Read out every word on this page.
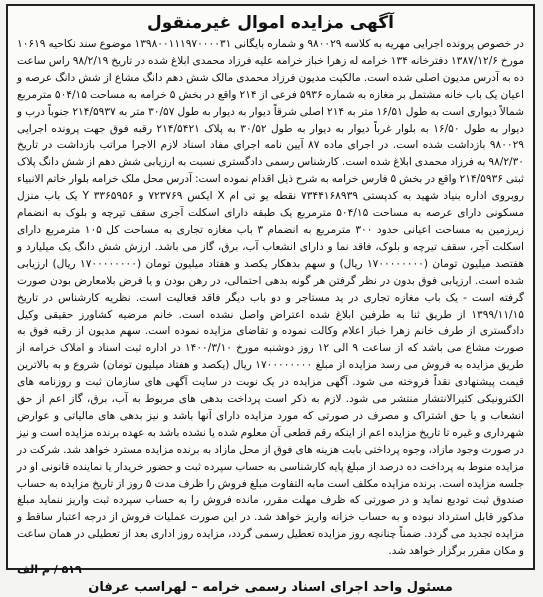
آگهی مزایده اموال غیرمنقول

در خصوص پرونده اجرایی مهریه به کلاسه ۹۸۰۰۲۹ و شماره بایگانی ۱۳۹۸۰۰۱۱۱۹۷۰۰۰۰۳۱ موضوع سند نکاحیه ۱۰۶۱۹ مورخ ۱۳۸۷/۱۲/۶ دفترخانه ۱۳۴ خرامه له زهرا خباز خرامه علیه فرزاد محمدی ابلاغ شده در تاریخ ۹۸/۲/۱۹ راس ساعت ده به آدرس مدیون اصلی شده است. مالکیت مدیون فرزاد محمدی مالک شش دهم دانگ مشاع از شش دانگ عرصه و اعیان یک باب خانه مشتمل بر مغازه به شماره ۵۹۳۶ فرعی از ۲۱۴ واقع در بخش ۵ خرامه به مساحت ۵۰۴/۱۵ مترمربع شمالاً دیواری است به طول ۱۶/۵۱ متر به ۲۱۴ اصلی شرقاً دیوار به دیوار به طول ۳۰/۵۷ متر به ۲۱۴/۵۹۳۷ جنوباً درب و دیوار به طول ۱۶/۵۰ به بلوار غرباً دیوار به دیوار به طول ۳۰/۵۲ به پلاک ۲۱۴/۵۴۲۱ رقبه فوق جهت پرونده اجرایی ۹۸۰۰۲۹ بازداشت شده است. در اجرای ماده ۸۷ آیین نامه اجرای مفاد اسناد لازم الاجرا مراتب بازداشت در تاریخ ۹۸/۲/۳۰ به فرزاد محمدی ابلاغ شده است. کارشناس رسمی دادگستری نسبت به ارزیابی شش دهم از شش دانگ پلاک ثبتی ۲۱۴/۵۹۳۶ واقع در بخش ۵ فارس خرامه به شرح ذیل اقدام نموده است: آدرس محل ملک خرامه بلوار خاتم الانبیاء روبروی اداره بنیاد شهید به کدپستی ۷۳۴۴۱۶۸۹۳۹ نقطه یو تی ام X ایکس ۷۲۳۷۶۹ و Y ۳۳۶۵۹۵۶ یک باب منزل مسکونی دارای عرصه به مساحت ۵۰۴/۱۵ مترمربع یک طبقه دارای اسکلت آجری سقف تیرچه و بلوک به انضمام زیرزمین به مساحت اعیانی حدود ۳۰۰ مترمربع به انضمام ۳ باب مغازه تجاری به مساحت کل ۱۰۵ مترمربع دارای اسکلت آجر، سقف تیرچه و بلوک، فاقد نما و دارای انشعاب آب، برق، گاز می باشد. ارزش شش دانگ یک میلیارد و هفتصد میلیون تومان (۱۷۰۰۰۰۰۰۰۰ ریال) و سهم بدهکار یکصد و هفتاد میلیون تومان (۱۷۰۰۰۰۰۰۰۰ ریال) ارزیابی شده است. ارزیابی فوق بدون در نظر گرفتن هر گونه بدهی احتمالی، در رهن بودن و یا فرض بلامعارض بودن صورت گرفته است - یک باب مغازه تجاری در ید مستاجر و دو باب دیگر فاقد فعالیت است. نظریه کارشناس در تاریخ ۱۳۹۹/۱۱/۱۵ از طریق ثنا به طرفین ابلاغ شده اعتراض واصل نشده است. خانم مرضیه کشاورز حقیقی وکیل دادگستری از طرف خانم زهرا خباز اعلام وکالت نموده و تقاضای مزایده نموده است. سهم مدیون از رقبه فوق به صورت مشاع می باشد که از ساعت ۹ الی ۱۲ روز دوشنبه مورخ ۱۴۰۰/۳/۱۰ در اداره ثبت اسناد و املاک خرامه از طریق مزایده به فروش می رسد مزایده از مبلغ ۱۷۰۰۰۰۰۰۰۰ ریال (یکصد و هفتاد میلیون تومان) شروع و به بالاترین قیمت پیشنهادی نقداً فروخته می شود. آگهی مزایده در یک نوبت در سایت آگهی های سازمان ثبت و روزنامه های الکترونیکی کثیرالانتشار منتشر می شود. لازم به ذکر است پرداخت بدهی های مربوط به آب، برق، گاز اعم از حق انشعاب و یا حق اشتراک و مصرف در صورتی که مورد مزایده دارای آنها باشد و نیز بدهی های مالیاتی و عوارض شهرداری و غیره تا تاریخ مزایده اعم از اینکه رقم قطعی آن معلوم شده یا نشده باشد به عهده برنده مزایده است و نیز در صورت وجود مازاد، وجوه پرداختی بابت هزینه های فوق از محل مازاد به برنده مزایده مسترد خواهد شد. شرکت در مزایده منوط به پرداخت ده درصد از مبلغ پایه کارشناسی به حساب سپرده ثبت و حضور خریدار یا نماینده قانونی او در جلسه مزایده است. برنده مزایده مکلف است مابه التفاوت مبلغ فروش را ظرف مدت ۵ روز از تاریخ مزایده به حساب صندوق ثبت تودیع نماید و در صورتی که ظرف مهلت مقرر، مانده فروش را به حساب سپرده ثبت واریز ننماید مبلغ مذکور قابل استرداد نبوده و به حساب خزانه واریز خواهد شد. در این صورت عملیات فروش از درجه اعتبار ساقط و مزایده تجدید می گردد. ضمناً چنانچه روز مزایده تعطیل رسمی گردد، مزایده روز اداری بعد از تعطیلی در همان ساعت و مکان مقرر برگزار خواهد شد.

۵۱۹ / م الف
مسئول واحد اجرای اسناد رسمی خرامه – لهراسب عرفان
